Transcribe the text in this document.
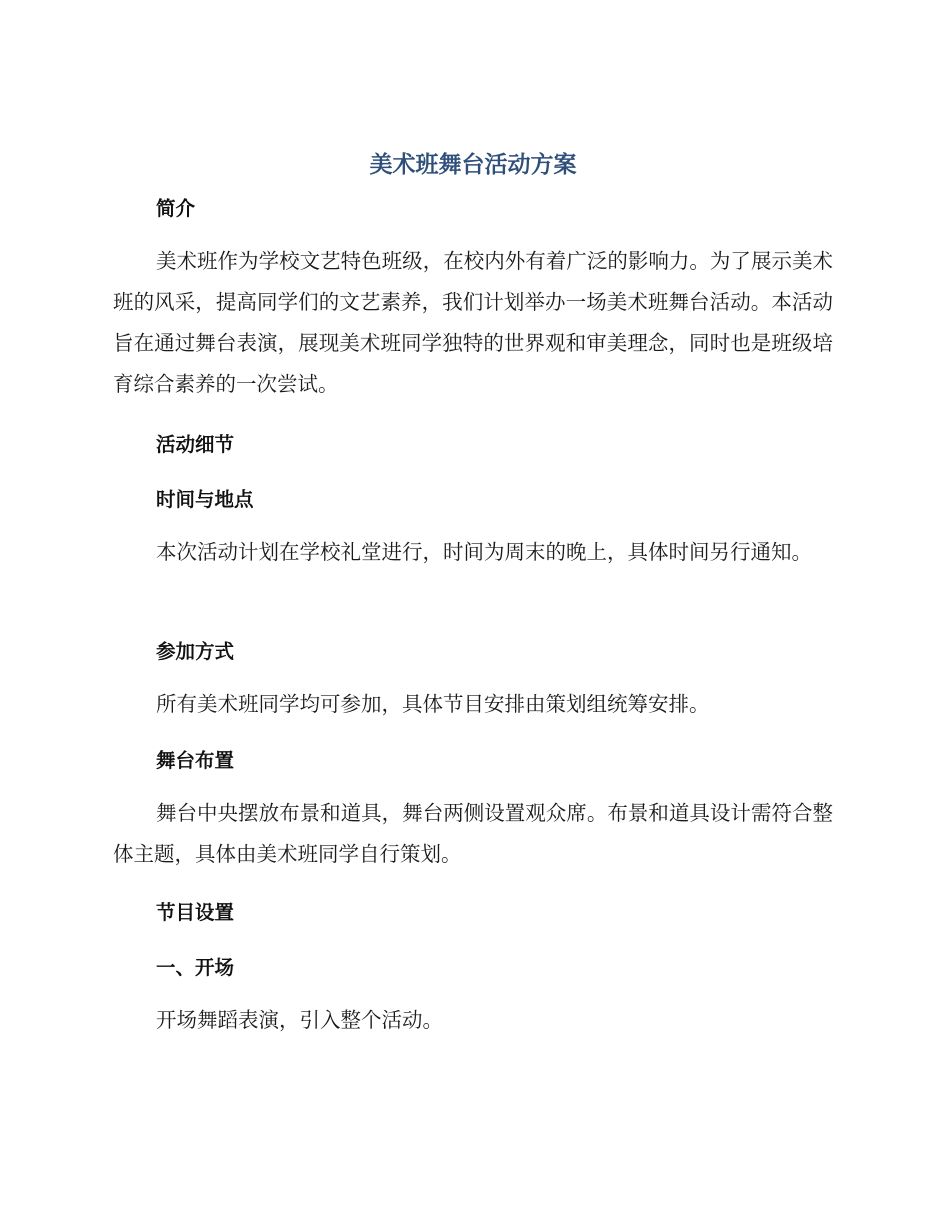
美术班舞台活动方案
简介

美术班作为学校文艺特色班级，在校内外有着广泛的影响力。为了展示美术班的风采，提高同学们的文艺素养，我们计划举办一场美术班舞台活动。本活动旨在通过舞台表演，展现美术班同学独特的世界观和审美理念，同时也是班级培育综合素养的一次尝试。

活动细节
时间与地点

本次活动计划在学校礼堂进行，时间为周末的晚上，具体时间另行通知。

参加方式

所有美术班同学均可参加，具体节目安排由策划组统筹安排。

舞台布置

舞台中央摆放布景和道具，舞台两侧设置观众席。布景和道具设计需符合整体主题，具体由美术班同学自行策划。

节目设置
一、开场

开场舞蹈表演，引入整个活动。
